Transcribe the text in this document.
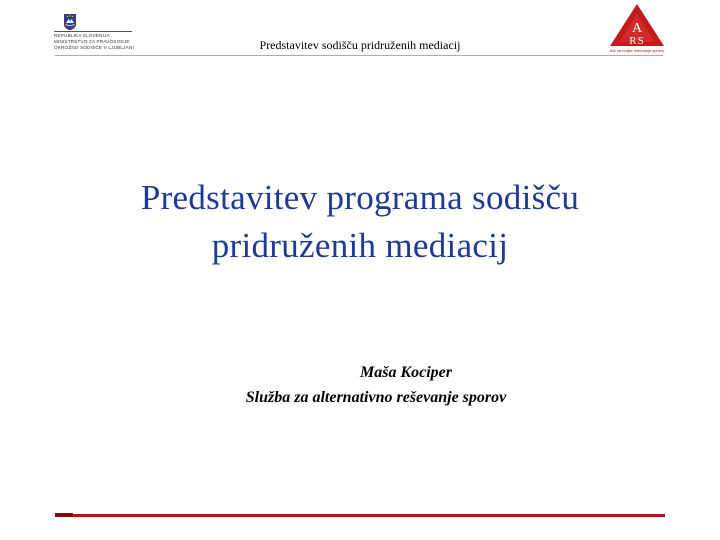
REPUBLIKA SLOVENIJA
MINISTRSTVO ZA PRAVOSODJE
OKROŽNO SODIŠČE V LJUBLJANI	Predstavitev sodišču pridruženih mediacij
A
RS
Adr za boljše reševanje sporov
Predstavitev programa sodišču
pridruženih mediacij
Maša Kociper
Služba za alternativno reševanje sporov
